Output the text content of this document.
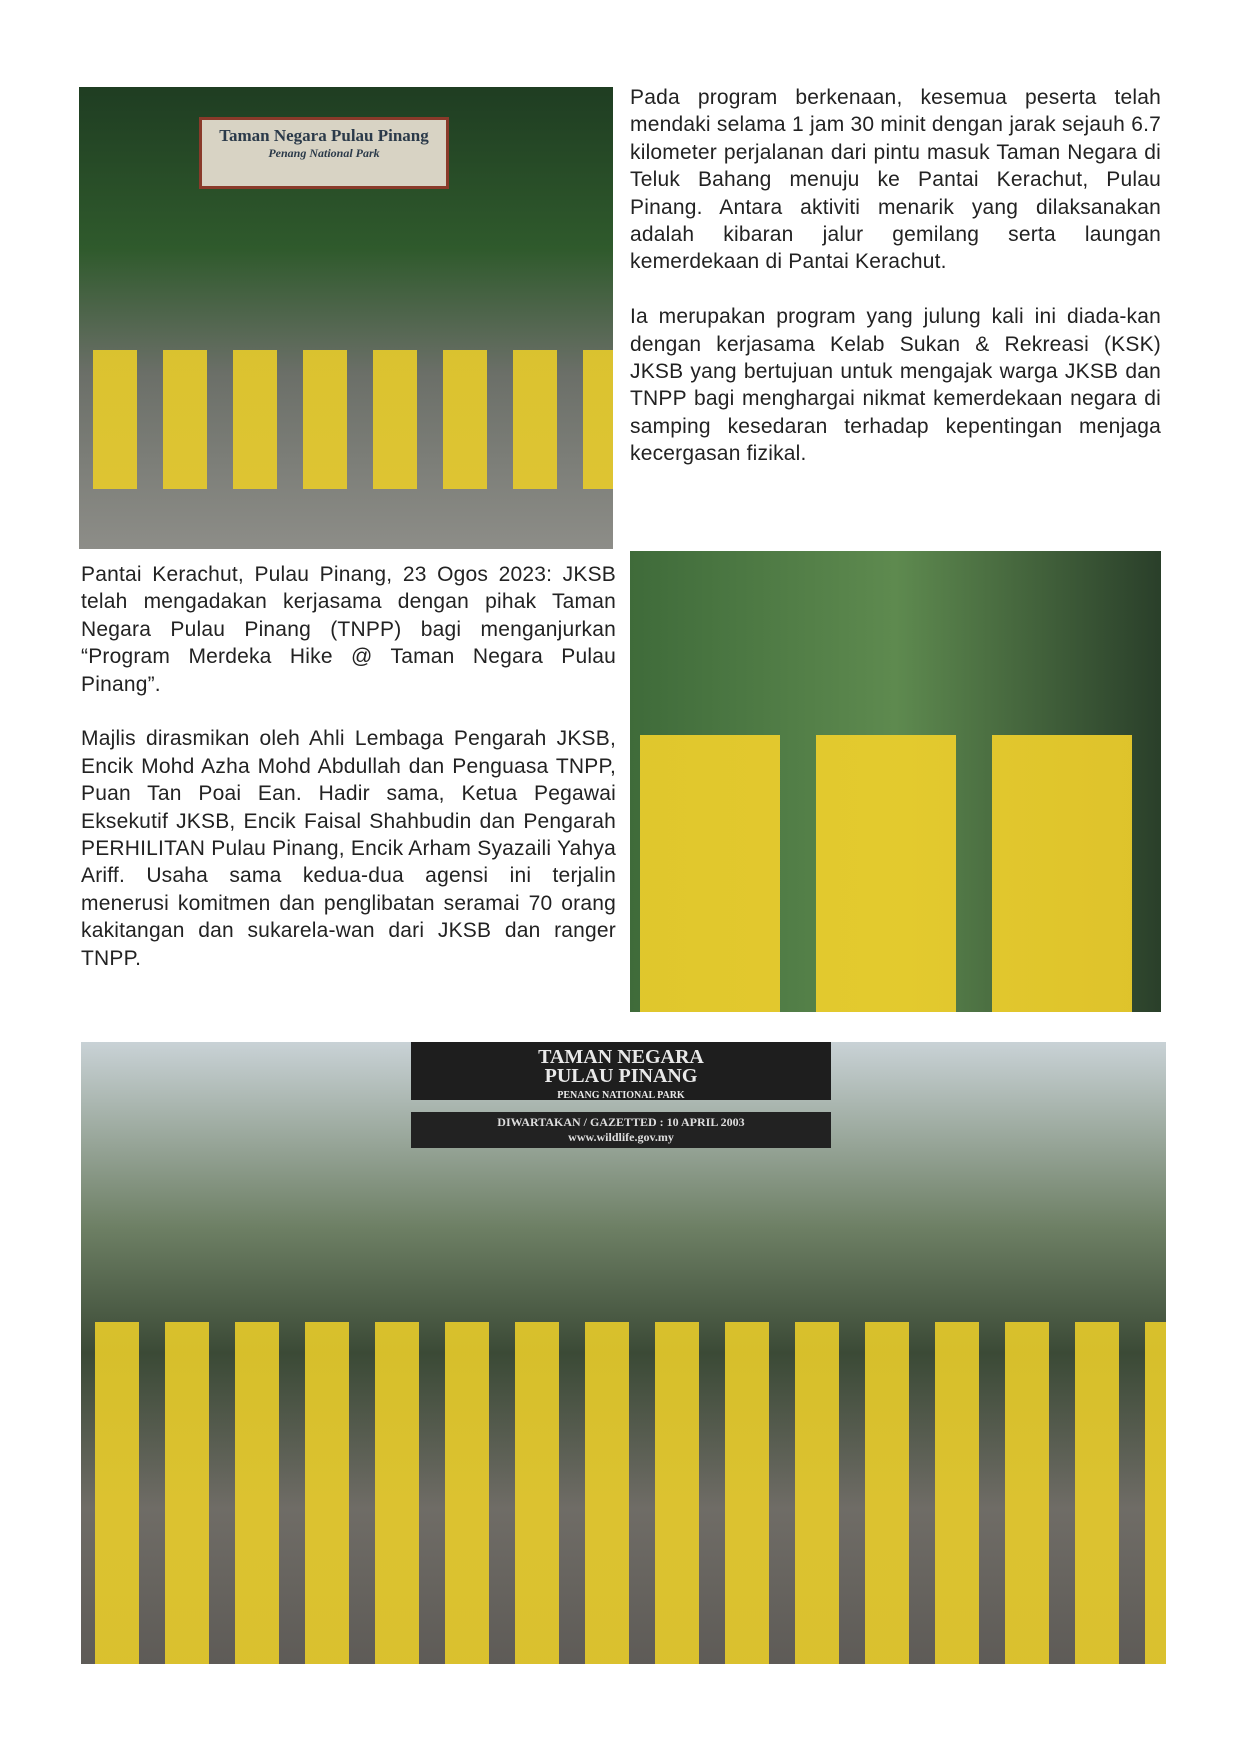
Taman Negara Pulau Pinang
Penang National Park

Pada program berkenaan, kesemua peserta telah mendaki selama 1 jam 30 minit dengan jarak sejauh 6.7 kilometer perjalanan dari pintu masuk Taman Negara di Teluk Bahang menuju ke Pantai Kerachut, Pulau Pinang. Antara aktiviti menarik yang dilaksanakan adalah kibaran jalur gemilang serta laungan kemerdekaan di Pantai Kerachut.

Ia merupakan program yang julung kali ini diada-kan dengan kerjasama Kelab Sukan & Rekreasi (KSK) JKSB yang bertujuan untuk mengajak warga JKSB dan TNPP bagi menghargai nikmat kemerdekaan negara di samping kesedaran terhadap kepentingan menjaga kecergasan fizikal.

Pantai Kerachut, Pulau Pinang, 23 Ogos 2023: JKSB telah mengadakan kerjasama dengan pihak Taman Negara Pulau Pinang (TNPP) bagi menganjurkan “Program Merdeka Hike @ Taman Negara Pulau Pinang”.

Majlis dirasmikan oleh Ahli Lembaga Pengarah JKSB, Encik Mohd Azha Mohd Abdullah dan Penguasa TNPP, Puan Tan Poai Ean. Hadir sama, Ketua Pegawai Eksekutif JKSB, Encik Faisal Shahbudin dan Pengarah PERHILITAN Pulau Pinang, Encik Arham Syazaili Yahya Ariff. Usaha sama kedua-dua agensi ini terjalin menerusi komitmen dan penglibatan seramai 70 orang kakitangan dan sukarela-wan dari JKSB dan ranger TNPP.

TAMAN NEGARA
PULAU PINANG
PENANG NATIONAL PARK
DIWARTAKAN / GAZETTED : 10 APRIL 2003
www.wildlife.gov.my
